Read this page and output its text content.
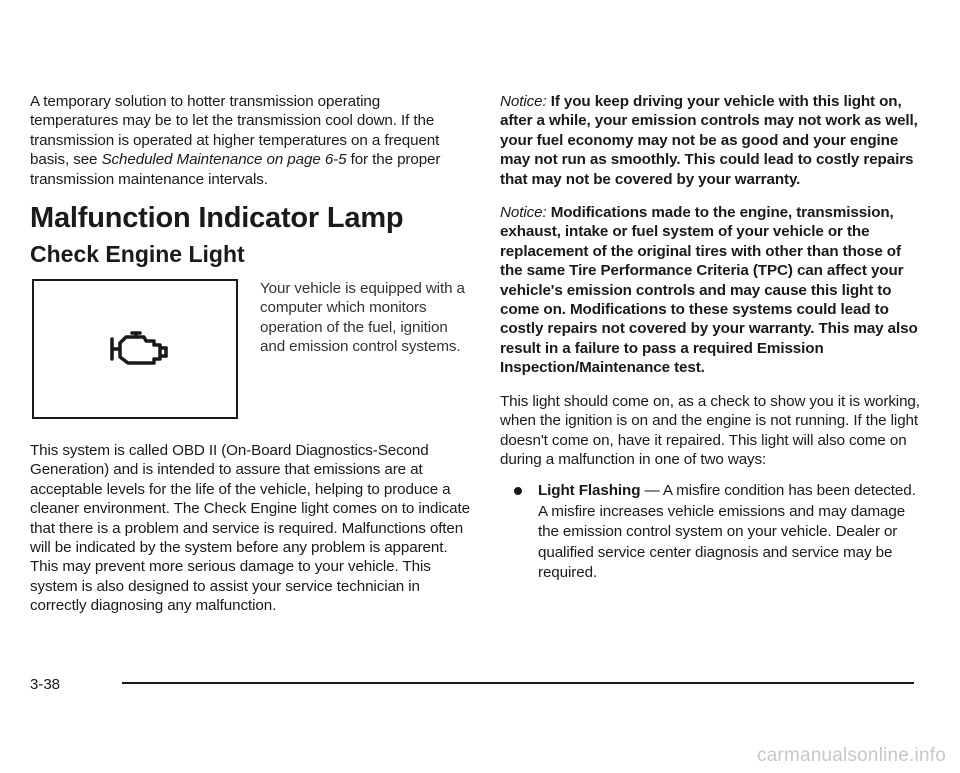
A temporary solution to hotter transmission operating temperatures may be to let the transmission cool down. If the transmission is operated at higher temperatures on a frequent basis, see Scheduled Maintenance on page 6-5 for the proper transmission maintenance intervals.

Malfunction Indicator Lamp
Check Engine Light

Your vehicle is equipped with a computer which monitors operation of the fuel, ignition and emission control systems.

This system is called OBD II (On-Board Diagnostics-Second Generation) and is intended to assure that emissions are at acceptable levels for the life of the vehicle, helping to produce a cleaner environment. The Check Engine light comes on to indicate that there is a problem and service is required. Malfunctions often will be indicated by the system before any problem is apparent. This may prevent more serious damage to your vehicle. This system is also designed to assist your service technician in correctly diagnosing any malfunction.

Notice: If you keep driving your vehicle with this light on, after a while, your emission controls may not work as well, your fuel economy may not be as good and your engine may not run as smoothly. This could lead to costly repairs that may not be covered by your warranty.

Notice: Modifications made to the engine, transmission, exhaust, intake or fuel system of your vehicle or the replacement of the original tires with other than those of the same Tire Performance Criteria (TPC) can affect your vehicle's emission controls and may cause this light to come on. Modifications to these systems could lead to costly repairs not covered by your warranty. This may also result in a failure to pass a required Emission Inspection/Maintenance test.

This light should come on, as a check to show you it is working, when the ignition is on and the engine is not running. If the light doesn't come on, have it repaired. This light will also come on during a malfunction in one of two ways:

Light Flashing — A misfire condition has been detected. A misfire increases vehicle emissions and may damage the emission control system on your vehicle. Dealer or qualified service center diagnosis and service may be required.

3-38
carmanualsonline.info
